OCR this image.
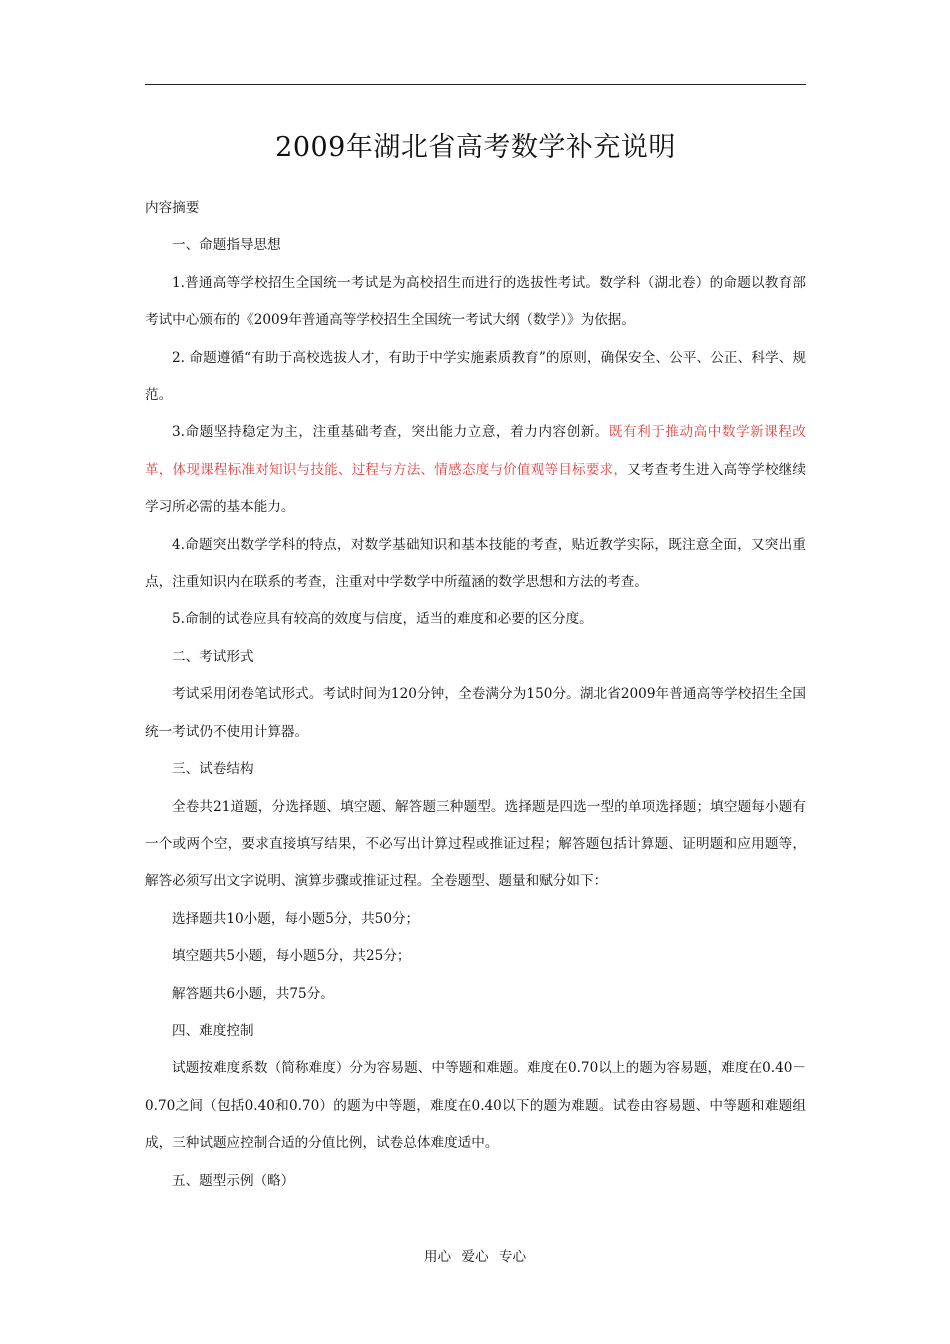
2009年湖北省高考数学补充说明

内容摘要

一、命题指导思想

1.普通高等学校招生全国统一考试是为高校招生而进行的选拔性考试。数学科（湖北卷）的命题以教育部考试中心颁布的《2009年普通高等学校招生全国统一考试大纲（数学）》为依据。

2. 命题遵循“有助于高校选拔人才，有助于中学实施素质教育”的原则，确保安全、公平、公正、科学、规范。

3.命题坚持稳定为主，注重基础考查，突出能力立意，着力内容创新。既有利于推动高中数学新课程改革，体现课程标准对知识与技能、过程与方法、情感态度与价值观等目标要求，又考查考生进入高等学校继续学习所必需的基本能力。

4.命题突出数学学科的特点，对数学基础知识和基本技能的考查，贴近教学实际，既注意全面，又突出重点，注重知识内在联系的考查，注重对中学数学中所蕴涵的数学思想和方法的考查。

5.命制的试卷应具有较高的效度与信度，适当的难度和必要的区分度。

二、考试形式

考试采用闭卷笔试形式。考试时间为120分钟，全卷满分为150分。湖北省2009年普通高等学校招生全国统一考试仍不使用计算器。

三、试卷结构

全卷共21道题，分选择题、填空题、解答题三种题型。选择题是四选一型的单项选择题；填空题每小题有一个或两个空，要求直接填写结果，不必写出计算过程或推证过程；解答题包括计算题、证明题和应用题等，解答必须写出文字说明、演算步骤或推证过程。全卷题型、题量和赋分如下：

选择题共10小题，每小题5分，共50分；

填空题共5小题，每小题5分，共25分；

解答题共6小题，共75分。

四、难度控制

试题按难度系数（简称难度）分为容易题、中等题和难题。难度在0.70以上的题为容易题，难度在0.40－0.70之间（包括0.40和0.70）的题为中等题，难度在0.40以下的题为难题。试卷由容易题、中等题和难题组成，三种试题应控制合适的分值比例，试卷总体难度适中。

五、题型示例（略）

用心 爱心 专心
